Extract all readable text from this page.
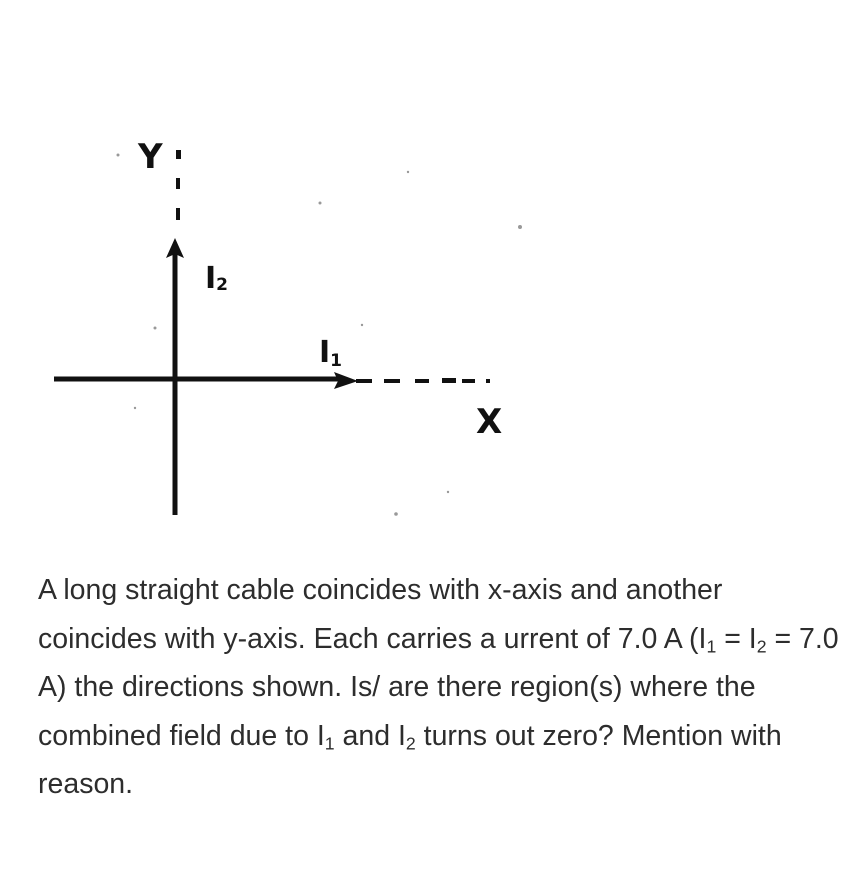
Y
I2
I1
X

A long straight cable coincides with x-axis and another coincides with y-axis. Each carries a urrent of 7.0 A ($I_1 = I_2 = 7.0$ A) the directions shown. Is/ are there region(s) where the combined field due to $I_1$ and $I_2$ turns out zero? Mention with reason.
